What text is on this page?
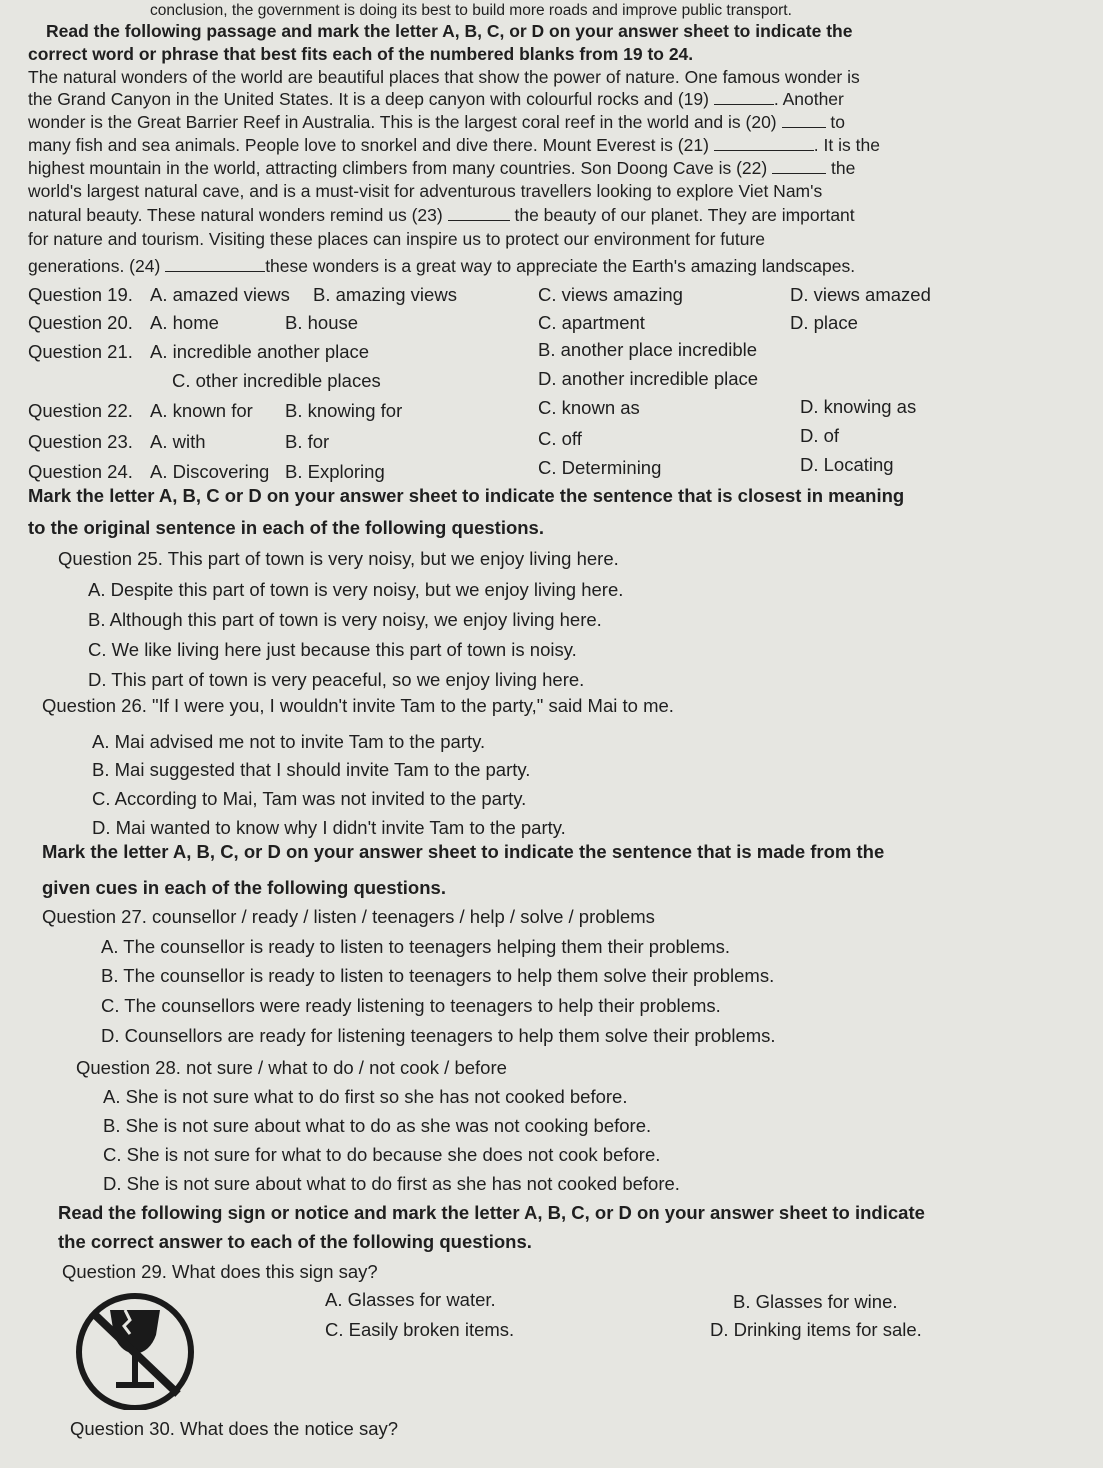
conclusion, the government is doing its best to build more roads and improve public transport.
Read the following passage and mark the letter A, B, C, or D on your answer sheet to indicate the
correct word or phrase that best fits each of the numbered blanks from 19 to 24.
The natural wonders of the world are beautiful places that show the power of nature. One famous wonder is
the Grand Canyon in the United States. It is a deep canyon with colourful rocks and (19)	. Another
wonder is the Great Barrier Reef in Australia. This is the largest coral reef in the world and is (20)	to
many fish and sea animals. People love to snorkel and dive there. Mount Everest is (21)	. It is the
highest mountain in the world, attracting climbers from many countries. Son Doong Cave is (22)	the
world's largest natural cave, and is a must-visit for adventurous travellers looking to explore Viet Nam's
natural beauty. These natural wonders remind us (23)	the beauty of our planet. They are important
for nature and tourism. Visiting these places can inspire us to protect our environment for future
generations. (24)	these wonders is a great way to appreciate the Earth's amazing landscapes.
Question 19. A. amazed views B. amazing views	C. views amazing	D. views amazed
Question 20. A. home	B. house	C. apartment	D. place
Question 21. A. incredible another place	B. another place incredible
C. other incredible places	D. another incredible place
Question 22. A. known for B. knowing for	C. known as	D. knowing as
Question 23. A. with	B. for	C. off	D. of
Question 24. A. Discovering B. Exploring	C. Determining	D. Locating
Mark the letter A, B, C or D on your answer sheet to indicate the sentence that is closest in meaning
to the original sentence in each of the following questions.
Question 25. This part of town is very noisy, but we enjoy living here.
A. Despite this part of town is very noisy, but we enjoy living here.
B. Although this part of town is very noisy, we enjoy living here.
C. We like living here just because this part of town is noisy.
D. This part of town is very peaceful, so we enjoy living here.
Question 26. "If I were you, I wouldn't invite Tam to the party," said Mai to me.
A. Mai advised me not to invite Tam to the party.
B. Mai suggested that I should invite Tam to the party.
C. According to Mai, Tam was not invited to the party.
D. Mai wanted to know why I didn't invite Tam to the party.
Mark the letter A, B, C, or D on your answer sheet to indicate the sentence that is made from the
given cues in each of the following questions.
Question 27. counsellor / ready / listen / teenagers / help / solve / problems
A. The counsellor is ready to listen to teenagers helping them their problems.
B. The counsellor is ready to listen to teenagers to help them solve their problems.
C. The counsellors were ready listening to teenagers to help their problems.
D. Counsellors are ready for listening teenagers to help them solve their problems.
Question 28. not sure / what to do / not cook / before
A. She is not sure what to do first so she has not cooked before.
B. She is not sure about what to do as she was not cooking before.
C. She is not sure for what to do because she does not cook before.
D. She is not sure about what to do first as she has not cooked before.
Read the following sign or notice and mark the letter A, B, C, or D on your answer sheet to indicate
the correct answer to each of the following questions.
Question 29. What does this sign say?
A. Glasses for water.	B. Glasses for wine.
C. Easily broken items.	D. Drinking items for sale.
Question 30. What does the notice say?
